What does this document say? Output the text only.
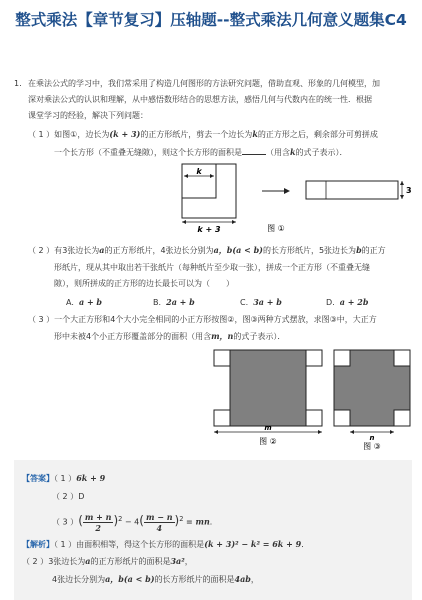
整式乘法【章节复习】压轴题--整式乘法几何意义题集C4
1. 在乘法公式的学习中，我们常采用了构造几何图形的方法研究问题，借助直观、形象的几何模型，加
深对乘法公式的认识和理解，从中感悟数形结合的思想方法，感悟几何与代数内在的统一性．根据
课堂学习的经验，解决下列问题：
（ 1 ）如图①，边长为(k + 3)的正方形纸片，剪去一个边长为k的正方形之后，剩余部分可剪拼成
一个长方形（不重叠无缝隙），则这个长方形的面积是	（用含k的式子表示）．
k
k + 3
3
图 ①
（ 2 ）有3张边长为a的正方形纸片，4张边长分别为a，b(a < b)的长方形纸片，5张边长为b的正方
形纸片，现从其中取出若干张纸片（每种纸片至少取一张），拼成一个正方形（不重叠无缝
隙），则所拼成的正方形的边长最长可以为（　　）
A. a + b	B. 2a + b	C. 3a + b	D. a + 2b
（ 3 ）一个大正方形和4个大小完全相同的小正方形按图②，图③两种方式摆放，求图③中，大正方
形中未被4个小正方形覆盖部分的面积（用含m，n的式子表示）．
m
图 ②	n
图 ③
【答案】（ 1 ）6k + 9
（ 2 ）D
（ 3 ）( $\frac{m + n}{2} )^2 - 4( \frac{m - n}{4} )^2$ = mn．
【解析】（ 1 ）由面积相等，得这个长方形的面积是(k + 3)² − k² = 6k + 9．
（ 2 ）3张边长为a的正方形纸片的面积是3a²，
4张边长分别为a，b(a < b)的长方形纸片的面积是4ab，
